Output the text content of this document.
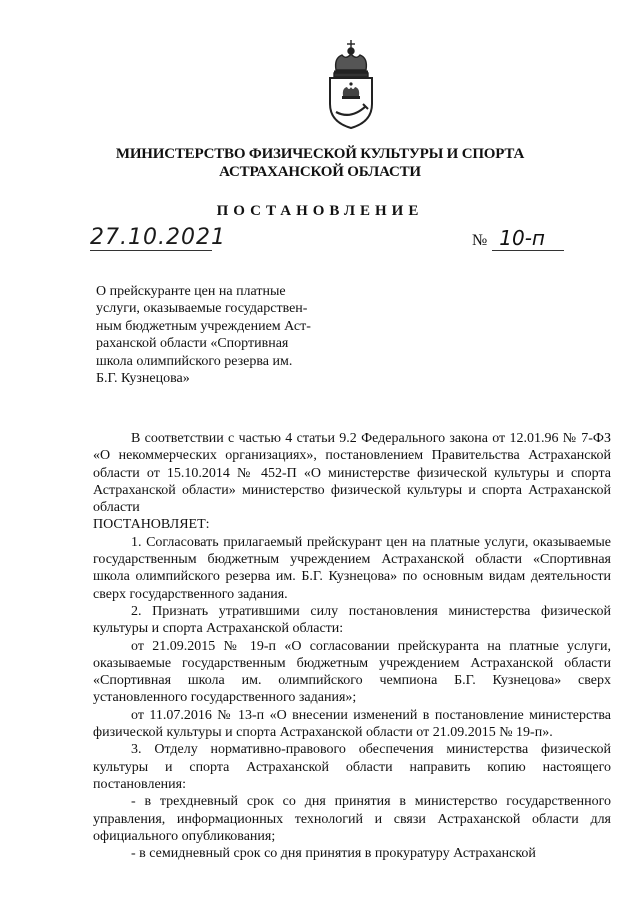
МИНИСТЕРСТВО ФИЗИЧЕСКОЙ КУЛЬТУРЫ И СПОРТА
АСТРАХАНСКОЙ ОБЛАСТИ
ПОСТАНОВЛЕНИЕ
27.10.2021	№ 10-п
О прейскуранте цен на платные
услуги, оказываемые государствен-
ным бюджетным учреждением Аст-
раханской области «Спортивная
школа олимпийского резерва им.
Б.Г. Кузнецова»

В соответствии с частью 4 статьи 9.2 Федерального закона от 12.01.96 № 7-ФЗ «О некоммерческих организациях», постановлением Правительства Астраханской области от 15.10.2014 № 452-П «О министерстве физической культуры и спорта Астраханской области» министерство физической культуры и спорта Астраханской области

ПОСТАНОВЛЯЕТ:

1. Согласовать прилагаемый прейскурант цен на платные услуги, оказываемые государственным бюджетным учреждением Астраханской области «Спортивная школа олимпийского резерва им. Б.Г. Кузнецова» по основным видам деятельности сверх государственного задания.

2. Признать утратившими силу постановления министерства физической культуры и спорта Астраханской области:

от 21.09.2015 № 19-п «О согласовании прейскуранта на платные услуги, оказываемые государственным бюджетным учреждением Астраханской области «Спортивная школа им. олимпийского чемпиона Б.Г. Кузнецова» сверх установленного государственного задания»;

от 11.07.2016 № 13-п «О внесении изменений в постановление министерства физической культуры и спорта Астраханской области от 21.09.2015 № 19-п».

3. Отделу нормативно-правового обеспечения министерства физической культуры и спорта Астраханской области направить копию настоящего постановления:

- в трехдневный срок со дня принятия в министерство государственного управления, информационных технологий и связи Астраханской области для официального опубликования;

- в семидневный срок со дня принятия в прокуратуру Астраханской
